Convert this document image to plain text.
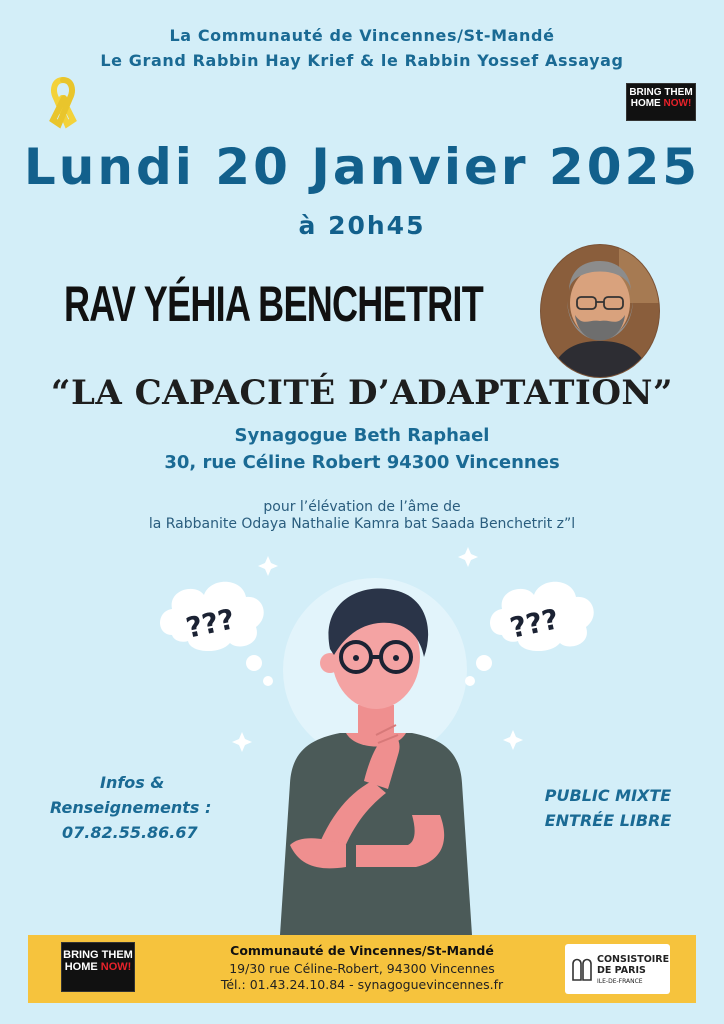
La Communauté de Vincennes/St-Mandé
Le Grand Rabbin Hay Krief & le Rabbin Yossef Assayag
BRING THEM
HOME NOW!
Lundi 20 Janvier 2025
à 20h45
RAV YÉHIA BENCHETRIT
“LA CAPACITÉ D’ADAPTATION”
Synagogue Beth Raphael
30, rue Céline Robert 94300 Vincennes
pour l’élévation de l’âme de
la Rabbanite Odaya Nathalie Kamra bat Saada Benchetrit z”l
???	???
Infos &
Renseignements :
07.82.55.86.67
PUBLIC MIXTE
ENTRÉE LIBRE
BRING THEM
HOME NOW!
Communauté de Vincennes/St-Mandé
19/30 rue Céline-Robert, 94300 Vincennes
Tél.: 01.43.24.10.84 - synagoguevincennes.fr
CONSISTOIRE
DE PARIS
ILE-DE-FRANCE
